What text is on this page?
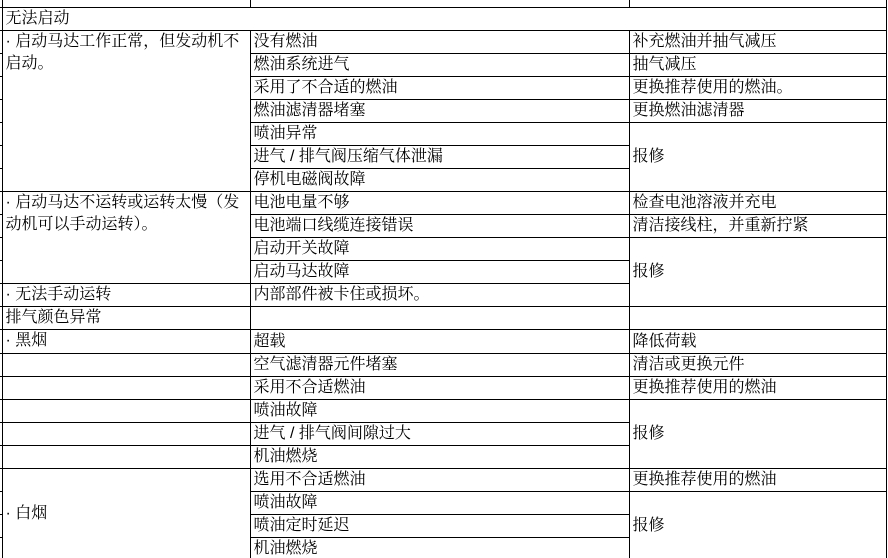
	无法启动		
	· 启动马达工作正常，但发动机不启动。	没有燃油	补充燃油并抽气减压
		燃油系统进气	抽气减压
		采用了不合适的燃油	更换推荐使用的燃油。
		燃油滤清器堵塞	更换燃油滤清器
		喷油异常	报修
		进气 / 排气阀压缩气体泄漏	
		停机电磁阀故障	
	· 启动马达不运转或运转太慢（发动机可以手动运转）。	电池电量不够	检查电池溶液并充电
		电池端口线缆连接错误	清洁接线柱，并重新拧紧
		启动开关故障	报修
		启动马达故障	
	· 无法手动运转	内部部件被卡住或损坏。	
	排气颜色异常		
	· 黑烟	超载	降低荷载
		空气滤清器元件堵塞	清洁或更换元件
		采用不合适燃油	更换推荐使用的燃油
		喷油故障	报修
		进气 / 排气阀间隙过大	
		机油燃烧	
	· 白烟	选用不合适燃油	更换推荐使用的燃油
		喷油故障	报修
		喷油定时延迟	
		机油燃烧	
